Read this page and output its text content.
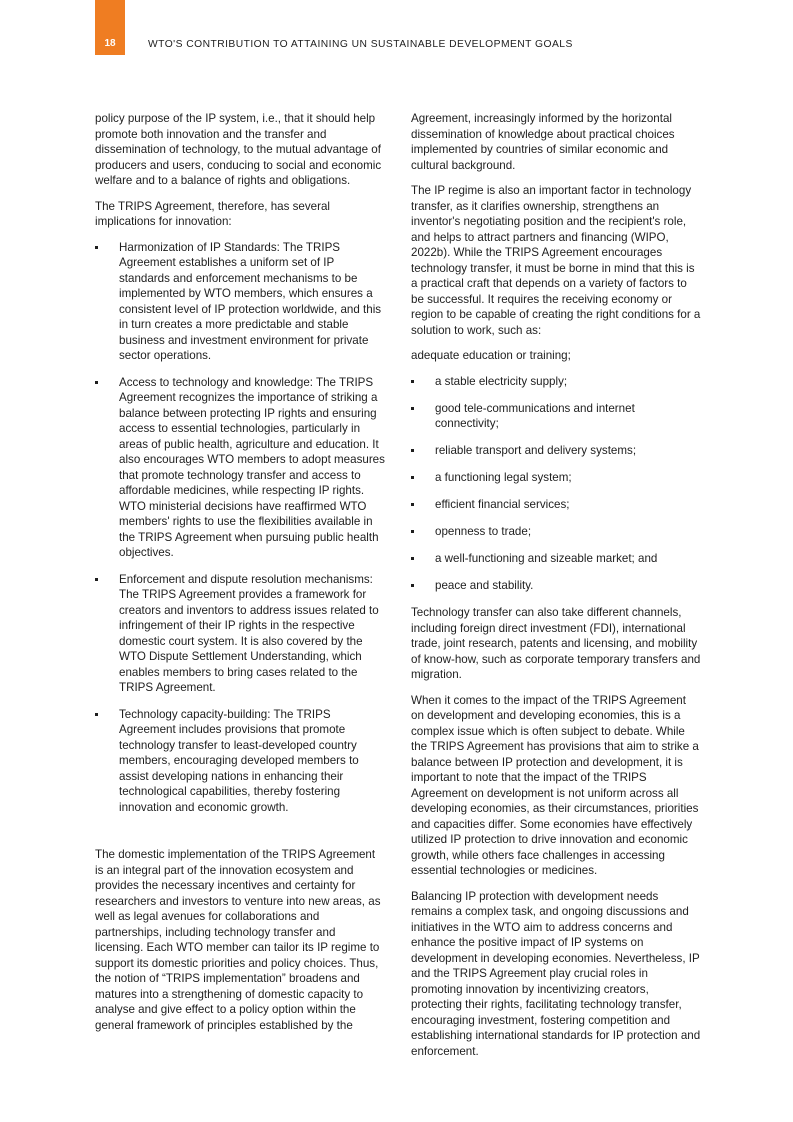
18	WTO'S CONTRIBUTION TO ATTAINING UN SUSTAINABLE DEVELOPMENT GOALS

policy purpose of the IP system, i.e., that it should help promote both innovation and the transfer and dissemination of technology, to the mutual advantage of producers and users, conducing to social and economic welfare and to a balance of rights and obligations.

The TRIPS Agreement, therefore, has several implications for innovation:

Harmonization of IP Standards: The TRIPS Agreement establishes a uniform set of IP standards and enforcement mechanisms to be implemented by WTO members, which ensures a consistent level of IP protection worldwide, and this in turn creates a more predictable and stable business and investment environment for private sector operations.
Access to technology and knowledge: The TRIPS Agreement recognizes the importance of striking a balance between protecting IP rights and ensuring access to essential technologies, particularly in areas of public health, agriculture and education. It also encourages WTO members to adopt measures that promote technology transfer and access to affordable medicines, while respecting IP rights. WTO ministerial decisions have reaffirmed WTO members' rights to use the flexibilities available in the TRIPS Agreement when pursuing public health objectives.
Enforcement and dispute resolution mechanisms: The TRIPS Agreement provides a framework for creators and inventors to address issues related to infringement of their IP rights in the respective domestic court system. It is also covered by the WTO Dispute Settlement Understanding, which enables members to bring cases related to the TRIPS Agreement.
Technology capacity-building: The TRIPS Agreement includes provisions that promote technology transfer to least-developed country members, encouraging developed members to assist developing nations in enhancing their technological capabilities, thereby fostering innovation and economic growth.

The domestic implementation of the TRIPS Agreement is an integral part of the innovation ecosystem and provides the necessary incentives and certainty for researchers and investors to venture into new areas, as well as legal avenues for collaborations and partnerships, including technology transfer and licensing. Each WTO member can tailor its IP regime to support its domestic priorities and policy choices. Thus, the notion of “TRIPS implementation” broadens and matures into a strengthening of domestic capacity to analyse and give effect to a policy option within the general framework of principles established by the

Agreement, increasingly informed by the horizontal dissemination of knowledge about practical choices implemented by countries of similar economic and cultural background.

The IP regime is also an important factor in technology transfer, as it clarifies ownership, strengthens an inventor's negotiating position and the recipient's role, and helps to attract partners and financing (WIPO, 2022b). While the TRIPS Agreement encourages technology transfer, it must be borne in mind that this is a practical craft that depends on a variety of factors to be successful. It requires the receiving economy or region to be capable of creating the right conditions for a solution to work, such as:

adequate education or training;

a stable electricity supply;
good tele-communications and internet connectivity;
reliable transport and delivery systems;
a functioning legal system;
efficient financial services;
openness to trade;
a well-functioning and sizeable market; and
peace and stability.

Technology transfer can also take different channels, including foreign direct investment (FDI), international trade, joint research, patents and licensing, and mobility of know-how, such as corporate temporary transfers and migration.

When it comes to the impact of the TRIPS Agreement on development and developing economies, this is a complex issue which is often subject to debate. While the TRIPS Agreement has provisions that aim to strike a balance between IP protection and development, it is important to note that the impact of the TRIPS Agreement on development is not uniform across all developing economies, as their circumstances, priorities and capacities differ. Some economies have effectively utilized IP protection to drive innovation and economic growth, while others face challenges in accessing essential technologies or medicines.

Balancing IP protection with development needs remains a complex task, and ongoing discussions and initiatives in the WTO aim to address concerns and enhance the positive impact of IP systems on development in developing economies. Nevertheless, IP and the TRIPS Agreement play crucial roles in promoting innovation by incentivizing creators, protecting their rights, facilitating technology transfer, encouraging investment, fostering competition and establishing international standards for IP protection and enforcement.
